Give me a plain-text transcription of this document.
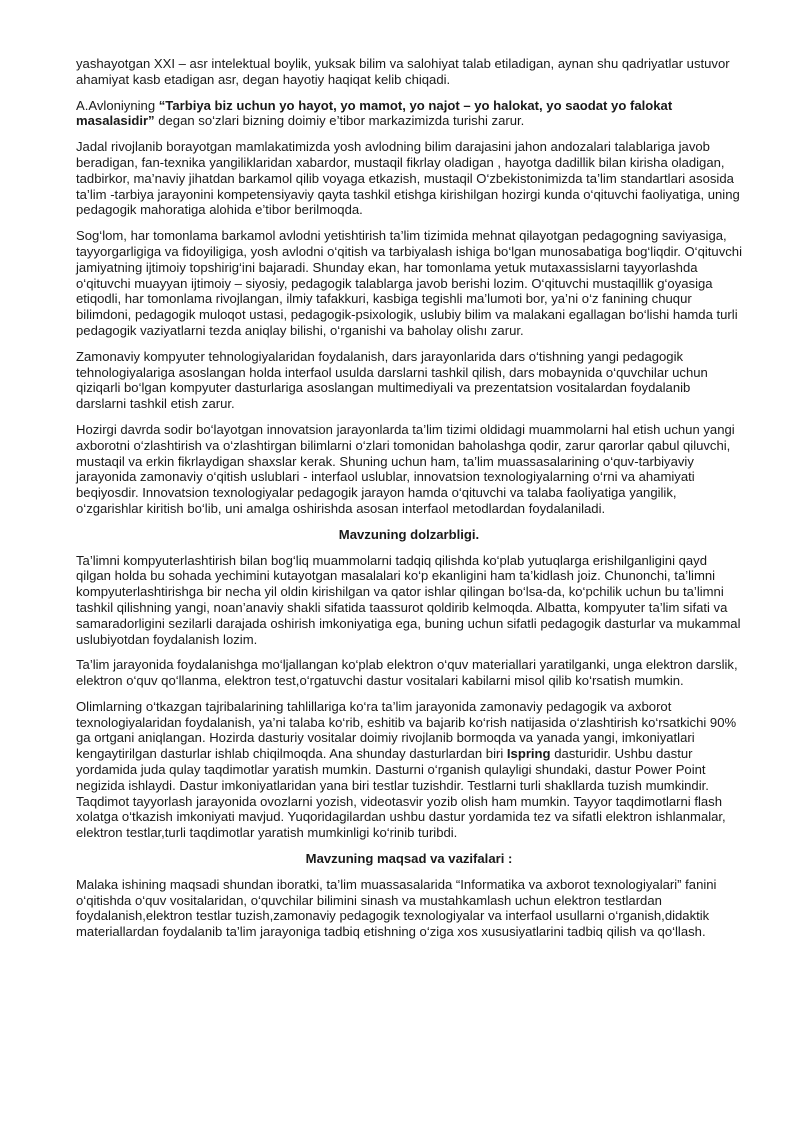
yashayotgan XXI – asr intelektual boylik, yuksak bilim va salohiyat talab etiladigan, aynan shu qadriyatlar ustuvor ahamiyat kasb etadigan asr, degan hayotiy haqiqat kelib chiqadi.

A.Avloniyning “Tarbiya biz uchun yo hayot, yo mamot, yo najot – yo halokat, yo saodat yo falokat masalasidir” degan so‘zlari bizning doimiy e’tibor markazimizda turishi zarur.

Jadal rivojlanib borayotgan mamlakatimizda yosh avlodning bilim darajasini jahon andozalari talablariga javob beradigan, fan-texnika yangiliklaridan xabardor, mustaqil fikrlay oladigan , hayotga dadillik bilan kirisha oladigan, tadbirkor, ma’naviy jihatdan barkamol qilib voyaga etkazish, mustaqil O‘zbekistonimizda ta’lim standartlari asosida ta’lim -tarbiya jarayonini kompetensiyaviy qayta tashkil etishga kirishilgan hozirgi kunda o‘qituvchi faoliyatiga, uning pedagogik mahoratiga alohida e’tibor berilmoqda.

Sog‘lom, har tomonlama barkamol avlodni yetishtirish ta’lim tizimida mehnat qilayotgan pedagogning saviyasiga, tayyorgarligiga va fidoyiligiga, yosh avlodni o‘qitish va tarbiyalash ishiga bo‘lgan munosabatiga bog‘liqdir. O‘qituvchi jamiyatning ijtimoiy topshirig‘ini bajaradi. Shunday ekan, har tomonlama yetuk mutaxassislarni tayyorlashda o‘qituvchi muayyan ijtimoiy – siyosiy, pedagogik talablarga javob berishi lozim. O‘qituvchi mustaqillik g‘oyasiga etiqodli, har tomonlama rivojlangan, ilmiy tafakkuri, kasbiga tegishli ma’lumoti bor, ya’ni o‘z fanining chuqur bilimdoni, pedagogik muloqot ustasi, pedagogik-psixologik, uslubiy bilim va malakani egallagan bo‘lishi hamda turli pedagogik vaziyatlarni tezda aniqlay bilishi, o‘rganishi va baholay olishı zarur.

Zamonaviy kompyuter tehnologiyalaridan foydalanish, dars jarayonlarida dars o‘tishning yangi pedagogik tehnologiyalariga asoslangan holda interfaol usulda darslarni tashkil qilish, dars mobaynida o‘quvchilar uchun qiziqarli bo‘lgan kompyuter dasturlariga asoslangan multimediyali va prezentatsion vositalardan foydalanib darslarni tashkil etish zarur.

Hozirgi davrda sodir bo‘layotgan innovatsion jarayonlarda ta’lim tizimi oldidagi muammolarni hal etish uchun yangi axborotni o‘zlashtirish va o‘zlashtirgan bilimlarni o‘zlari tomonidan baholashga qodir, zarur qarorlar qabul qiluvchi, mustaqil va erkin fikrlaydigan shaxslar kerak. Shuning uchun ham, ta’lim muassasalarining o‘quv-tarbiyaviy jarayonida zamonaviy o‘qitish uslublari - interfaol uslublar, innovatsion texnologiyalarning o‘rni va ahamiyati beqiyosdir. Innovatsion texnologiyalar pedagogik jarayon hamda o‘qituvchi va talaba faoliyatiga yangilik, o‘zgarishlar kiritish bo‘lib, uni amalga oshirishda asosan interfaol metodlardan foydalaniladi.

Mavzuning dolzarbligi.

Ta’limni kompyuterlashtirish bilan bog‘liq muammolarni tadqiq qilishda ko‘plab yutuqlarga erishilganligini qayd qilgan holda bu sohada yechimini kutayotgan masalalari ko‘p ekanligini ham ta’kidlash joiz. Chunonchi, ta’limni kompyuterlashtirishga bir necha yil oldin kirishilgan va qator ishlar qilingan bo‘lsa-da, ko‘pchilik uchun bu ta’limni tashkil qilishning yangi, noan’anaviy shakli sifatida taassurot qoldirib kelmoqda. Albatta, kompyuter ta’lim sifati va samaradorligini sezilarli darajada oshirish imkoniyatiga ega, buning uchun sifatli pedagogik dasturlar va mukammal uslubiyotdan foydalanish lozim.

Ta’lim jarayonida foydalanishga mo‘ljallangan ko‘plab elektron o‘quv materiallari yaratilganki, unga elektron darslik, elektron o‘quv qo‘llanma, elektron test,o‘rgatuvchi dastur vositalari kabilarni misol qilib ko‘rsatish mumkin.

Olimlarning o‘tkazgan tajribalarining tahlillariga ko‘ra ta’lim jarayonida zamonaviy pedagogik va axborot texnologiyalaridan foydalanish, ya’ni talaba ko‘rib, eshitib va bajarib ko‘rish natijasida o‘zlashtirish ko‘rsatkichi 90% ga ortgani aniqlangan. Hozirda dasturiy vositalar doimiy rivojlanib bormoqda va yanada yangi, imkoniyatlari kengaytirilgan dasturlar ishlab chiqilmoqda. Ana shunday dasturlardan biri Ispring dasturidir. Ushbu dastur yordamida juda qulay taqdimotlar yaratish mumkin. Dasturni o‘rganish qulayligi shundaki, dastur Power Point negizida ishlaydi. Dastur imkoniyatlaridan yana biri testlar tuzishdir. Testlarni turli shakllarda tuzish mumkindir. Taqdimot tayyorlash jarayonida ovozlarni yozish, videotasvir yozib olish ham mumkin. Tayyor taqdimotlarni flash xolatga o‘tkazish imkoniyati mavjud. Yuqoridagilardan ushbu dastur yordamida tez va sifatli elektron ishlanmalar, elektron testlar,turli taqdimotlar yaratish mumkinligi ko‘rinib turibdi.

Mavzuning maqsad va vazifalari :

Malaka ishining maqsadi shundan iboratki, ta’lim muassasalarida “Informatika va axborot texnologiyalari” fanini o‘qitishda o‘quv vositalaridan, o‘quvchilar bilimini sinash va mustahkamlash uchun elektron testlardan foydalanish,elektron testlar tuzish,zamonaviy pedagogik texnologiyalar va interfaol usullarni o‘rganish,didaktik materiallardan foydalanib ta’lim jarayoniga tadbiq etishning o‘ziga xos xususiyatlarini tadbiq qilish va qo‘llash.
